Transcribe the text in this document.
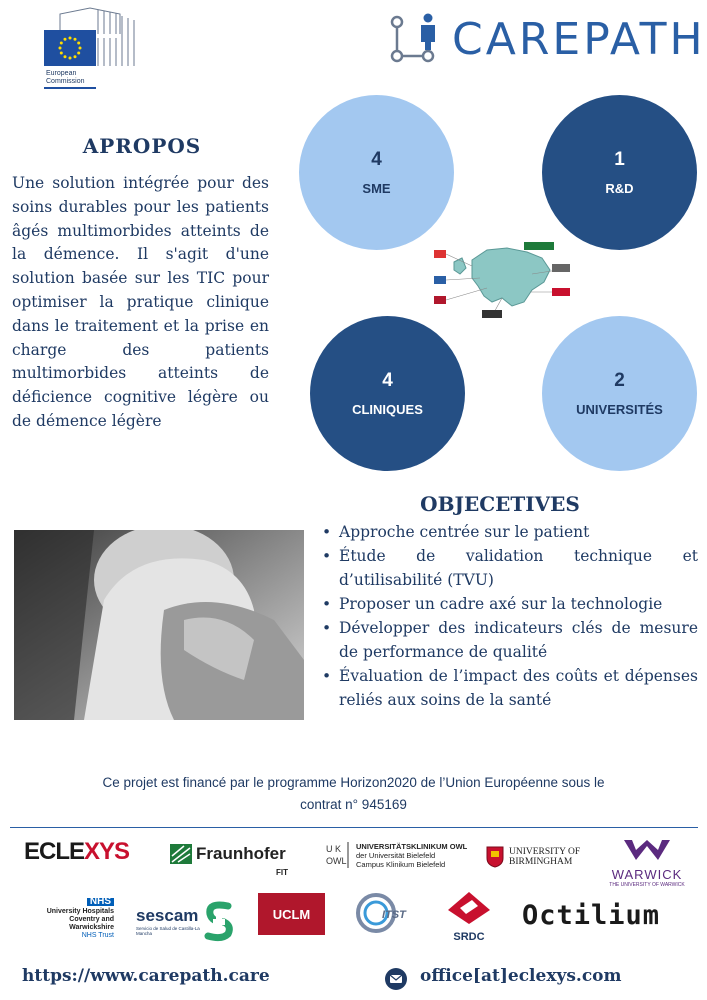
European Commission
CAREPATH
APROPOS

Une solution intégrée pour des soins durables pour les patients âgés multimorbides atteints de la démence. Il s'agit d'une solution basée sur les TIC pour optimiser la pratique clinique dans le traitement et la prise en charge des patients multimorbides atteints de déficience cognitive légère ou de démence légère

4
SME
1
R&D
4
CLINIQUES
2
UNIVERSITÉS
OBJECETIVES
• Approche centrée sur le patient
• Étude de validation technique et d’utilisabilité (TVU)
• Proposer un cadre axé sur la technologie
• Développer des indicateurs clés de mesure de performance de qualité
• Évaluation de l’impact des coûts et dépenses reliés aux soins de la santé
Ce projet est financé par le programme Horizon2020 de l’Union Européenne sous le
contrat n° 945169
ECLE XYS	Fraunhofer
FIT
U K
OWL
UNIVERSITÄTSKLINIKUM OWL
der Universität Bielefeld Campus Klinikum Bielefeld
UNIVERSITY OF BIRMINGHAM
WARWICK
THE UNIVERSITY OF WARWICK
NHS
University Hospitals Coventry and Warwickshire
NHS Trust
sescam
Servicio de Salud de Castilla-La Mancha
UCLM	ITST
SRDC
Octilium
https://www.carepath.care	office[at]eclexys.com
